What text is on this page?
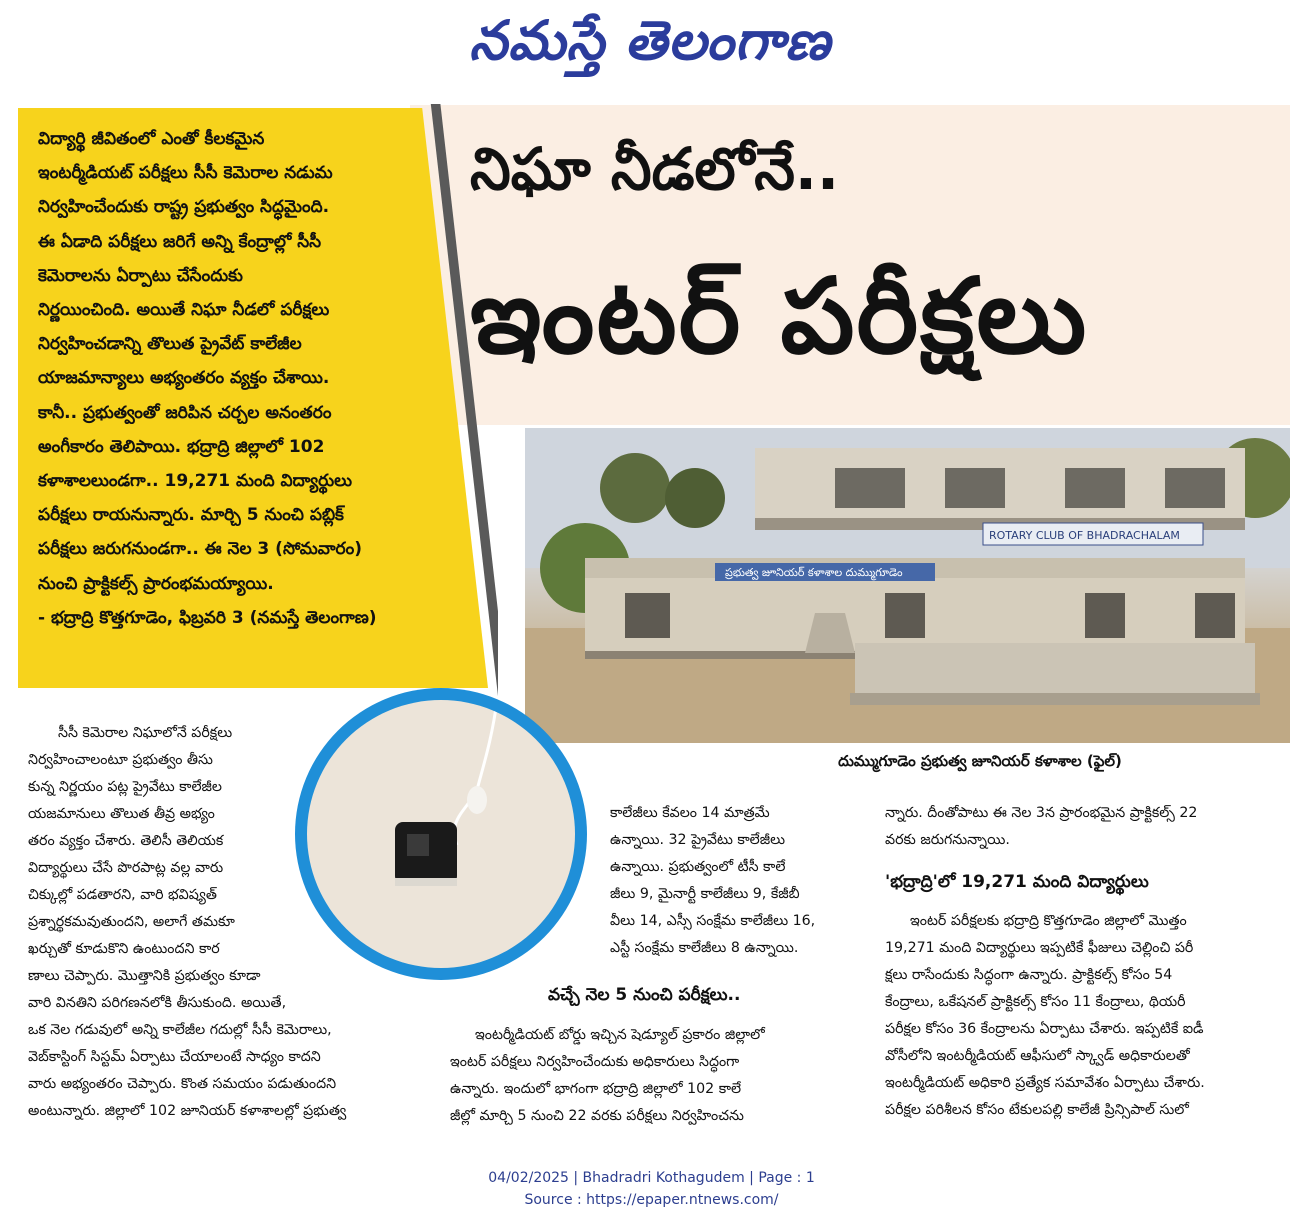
నమస్తే తెలంగాణ
నిఘా నీడలోనే..
ఇంటర్ పరీక్షలు
విద్యార్థి జీవితంలో ఎంతో కీలకమైన
ఇంటర్మీడియట్ పరీక్షలు సీసీ కెమెరాల నడుమ
నిర్వహించేందుకు రాష్ట్ర ప్రభుత్వం సిద్ధమైంది.
ఈ ఏడాది పరీక్షలు జరిగే అన్ని కేంద్రాల్లో సీసీ
కెమెరాలను ఏర్పాటు చేసేందుకు
నిర్ణయించింది. అయితే నిఘా నీడలో పరీక్షలు
నిర్వహించడాన్ని తొలుత ప్రైవేట్ కాలేజీల
యాజమాన్యాలు అభ్యంతరం వ్యక్తం చేశాయి.
కానీ.. ప్రభుత్వంతో జరిపిన చర్చల అనంతరం
అంగీకారం తెలిపాయి. భద్రాద్రి జిల్లాలో 102
కళాశాలలుండగా.. 19,271 మంది విద్యార్థులు
పరీక్షలు రాయనున్నారు. మార్చి 5 నుంచి పబ్లిక్
పరీక్షలు జరుగనుండగా.. ఈ నెల 3 (సోమవారం)
నుంచి ప్రాక్టికల్స్ ప్రారంభమయ్యాయి.
- భద్రాద్రి కొత్తగూడెం, ఫిబ్రవరి 3 (నమస్తే తెలంగాణ)
ప్రభుత్వ జూనియర్ కళాశాల దుమ్ముగూడెం
ROTARY CLUB OF BHADRACHALAM
దుమ్ముగూడెం ప్రభుత్వ జూనియర్ కళాశాల (ఫైల్)
సీసీ కెమెరాల నిఘాలోనే పరీక్షలు
నిర్వహించాలంటూ ప్రభుత్వం తీసు
కున్న నిర్ణయం పట్ల ప్రైవేటు కాలేజీల
యజమానులు తొలుత తీవ్ర అభ్యం
తరం వ్యక్తం చేశారు. తెలిసీ తెలియక
విద్యార్థులు చేసే పొరపాట్ల వల్ల వారు
చిక్కుల్లో పడతారని, వారి భవిష్యత్
ప్రశ్నార్థకమవుతుందని, అలాగే తమకూ
ఖర్చుతో కూడుకొని ఉంటుందని కార
ణాలు చెప్పారు. మొత్తానికి ప్రభుత్వం కూడా
వారి వినతిని పరిగణనలోకి తీసుకుంది. అయితే,
ఒక నెల గడువులో అన్ని కాలేజీల గదుల్లో సీసీ కెమెరాలు,
వెబ్‌కాస్టింగ్ సిస్టమ్ ఏర్పాటు చేయాలంటే సాధ్యం కాదని
వారు అభ్యంతరం చెప్పారు. కొంత సమయం పడుతుందని
అంటున్నారు. జిల్లాలో 102 జూనియర్ కళాశాలల్లో ప్రభుత్వ
కాలేజీలు కేవలం 14 మాత్రమే
ఉన్నాయి. 32 ప్రైవేటు కాలేజీలు
ఉన్నాయి. ప్రభుత్వంలో టీసీ కాలే
జీలు 9, మైనార్టీ కాలేజీలు 9, కేజీబీ
వీలు 14, ఎస్సీ సంక్షేమ కాలేజీలు 16,
ఎస్టీ సంక్షేమ కాలేజీలు 8 ఉన్నాయి.
వచ్చే నెల 5 నుంచి పరీక్షలు..
ఇంటర్మీడియట్ బోర్డు ఇచ్చిన షెడ్యూల్ ప్రకారం జిల్లాలో
ఇంటర్ పరీక్షలు నిర్వహించేందుకు అధికారులు సిద్ధంగా
ఉన్నారు. ఇందులో భాగంగా భద్రాద్రి జిల్లాలో 102 కాలే
జీల్లో మార్చి 5 నుంచి 22 వరకు పరీక్షలు నిర్వహించను
న్నారు. దీంతోపాటు ఈ నెల 3న ప్రారంభమైన ప్రాక్టికల్స్ 22
వరకు జరుగనున్నాయి.
'భద్రాద్రి'లో 19,271 మంది విద్యార్థులు
ఇంటర్ పరీక్షలకు భద్రాద్రి కొత్తగూడెం జిల్లాలో మొత్తం
19,271 మంది విద్యార్థులు ఇప్పటికే ఫీజులు చెల్లించి పరీ
క్షలు రాసేందుకు సిద్ధంగా ఉన్నారు. ప్రాక్టికల్స్ కోసం 54
కేంద్రాలు, ఒకేషనల్ ప్రాక్టికల్స్ కోసం 11 కేంద్రాలు, థియరీ
పరీక్షల కోసం 36 కేంద్రాలను ఏర్పాటు చేశారు. ఇప్పటికే ఐడీ
వోసీలోని ఇంటర్మీడియట్ ఆఫీసులో స్క్వాడ్ అధికారులతో
ఇంటర్మీడియట్ అధికారి ప్రత్యేక సమావేశం ఏర్పాటు చేశారు.
పరీక్షల పరిశీలన కోసం టేకులపల్లి కాలేజీ ప్రిన్సిపాల్ సులో
04/02/2025 | Bhadradri Kothagudem | Page : 1
Source : https://epaper.ntnews.com/
